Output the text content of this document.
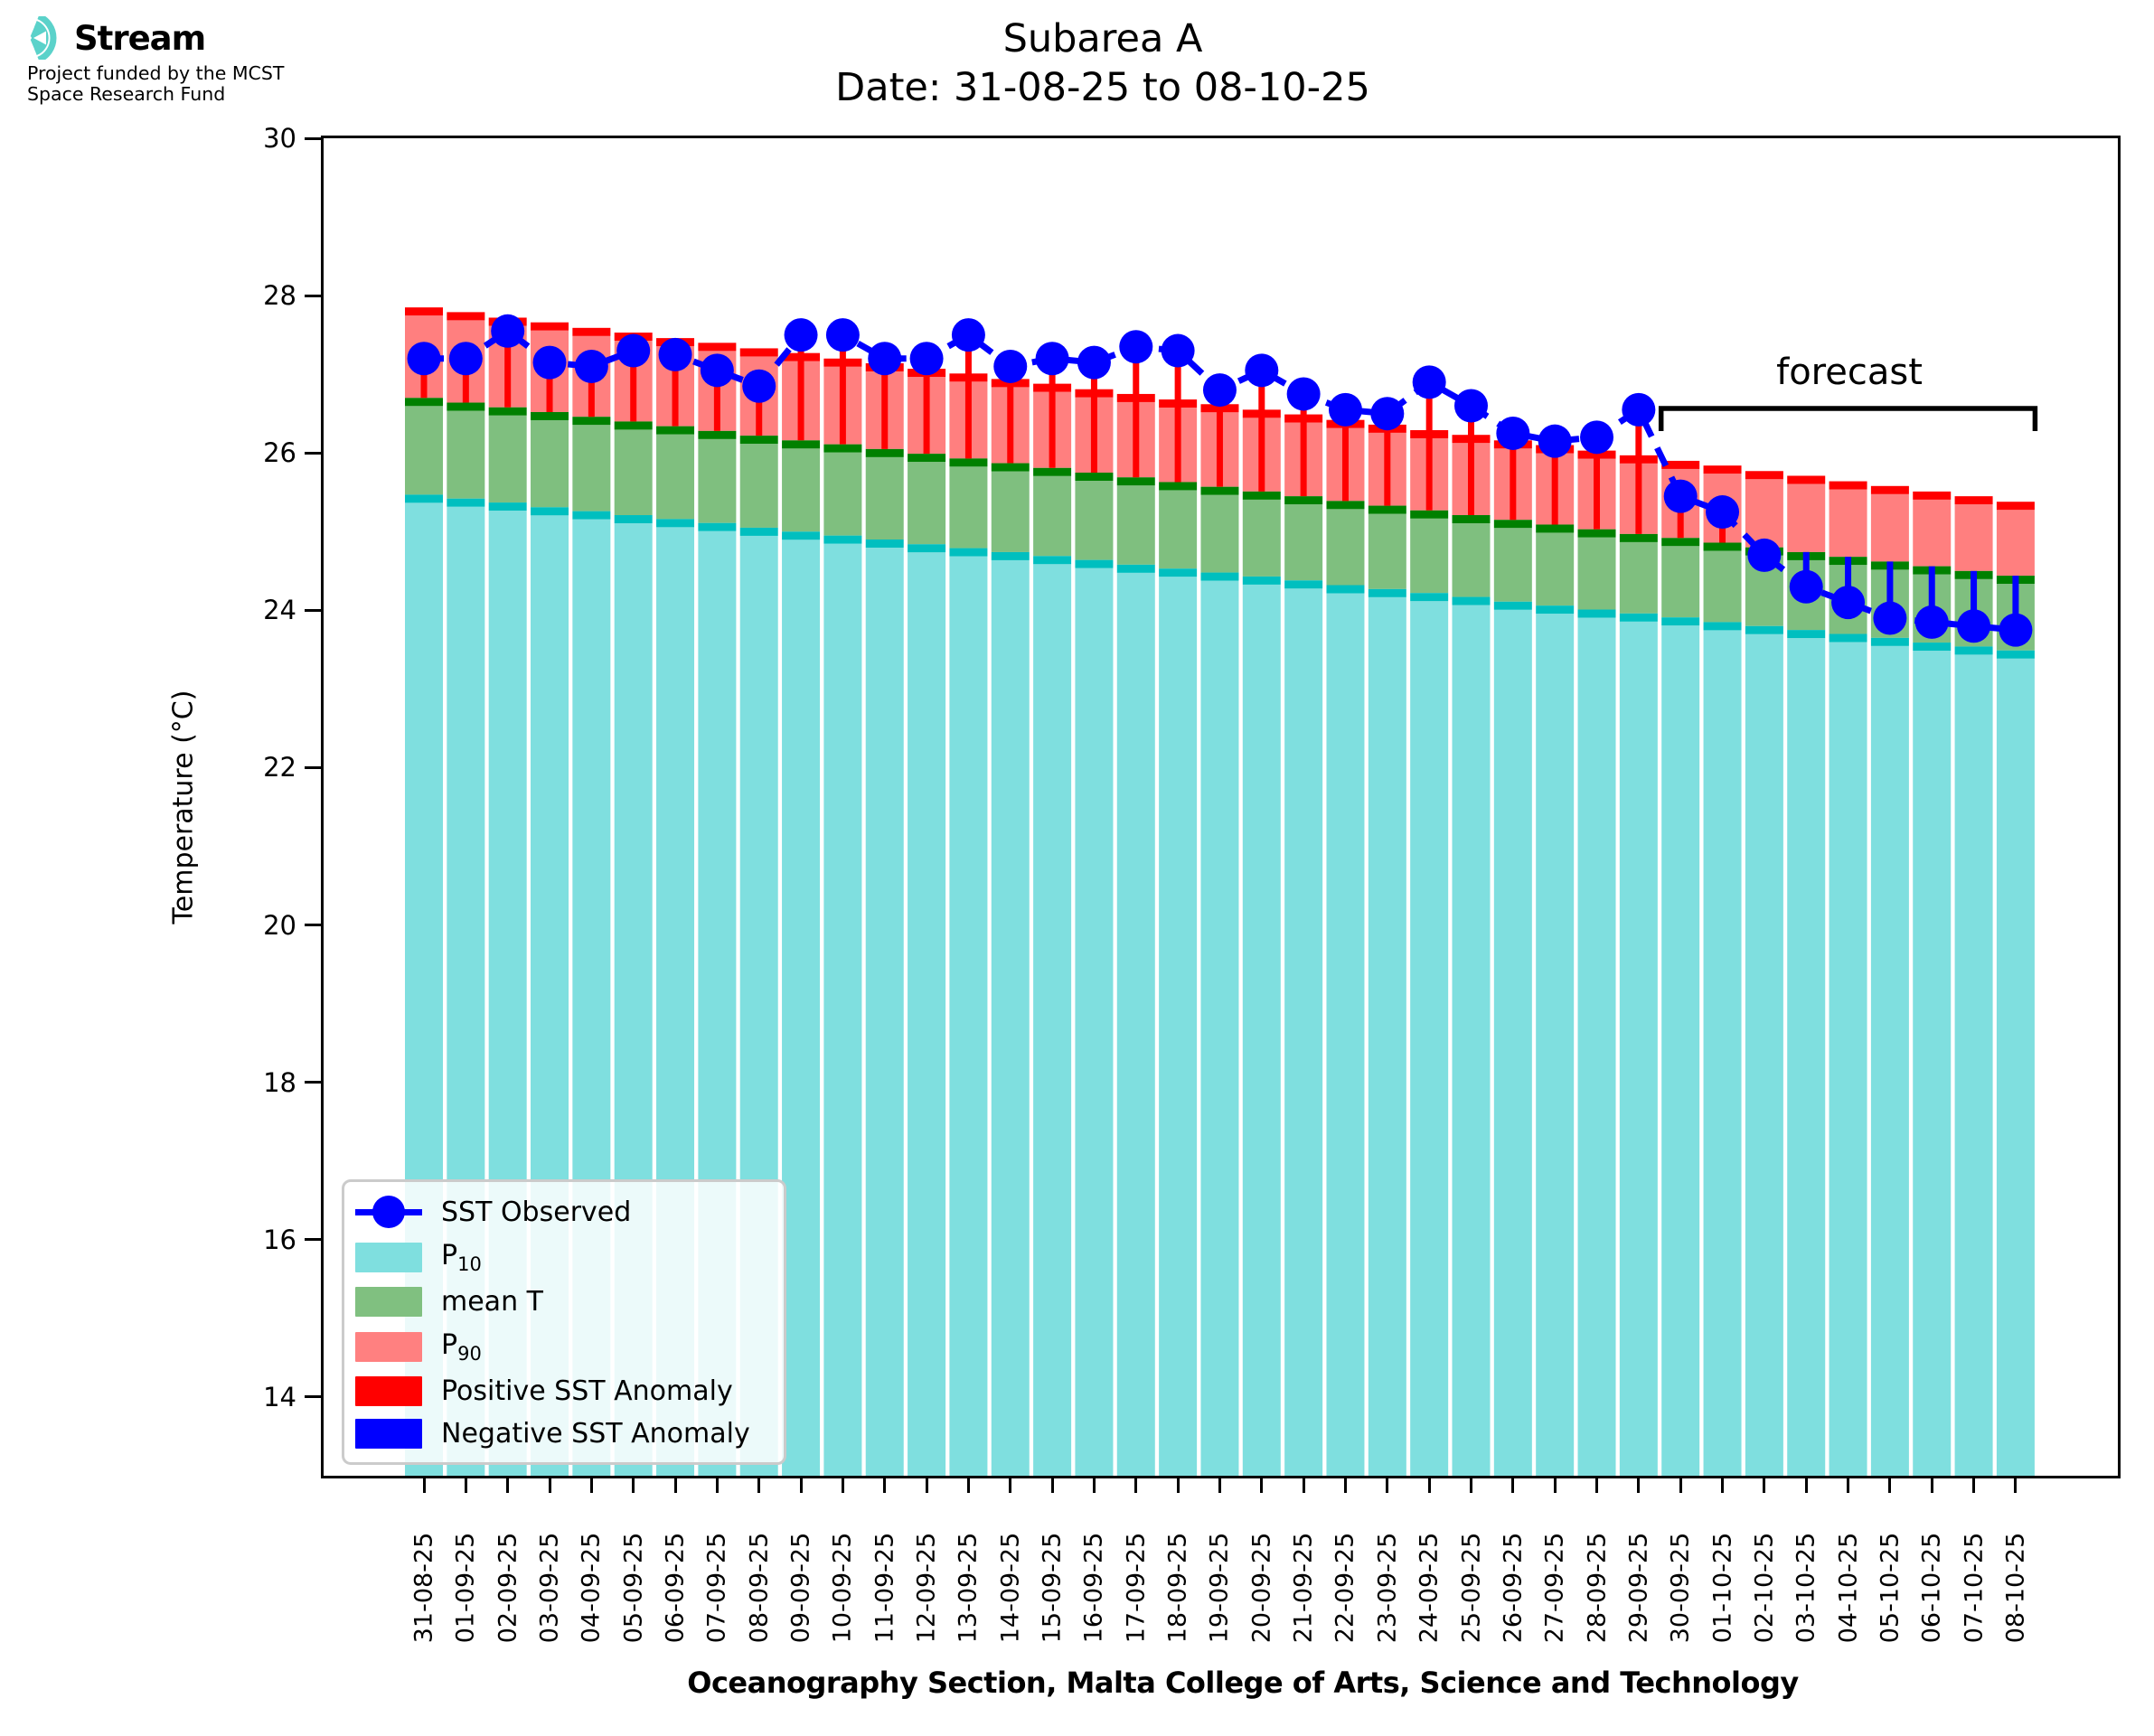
Stream
Project funded by the MCST
Space Research Fund
Subarea A
Date: 31-08-25 to 08-10-25
Temperature (°C)
forecast
30
28
26
24
22
20
18
16
14
31-08-25 01-09-25 02-09-25 03-09-25 04-09-25 05-09-25 06-09-25 07-09-25 08-09-25 09-09-25 10-09-25 11-09-25 12-09-25 13-09-25 14-09-25 15-09-25 16-09-25 17-09-25 18-09-25 19-09-25 20-09-25 21-09-25 22-09-25 23-09-25 24-09-25 25-09-25 26-09-25 27-09-25 28-09-25 29-09-25 30-09-25 01-10-25 02-10-25 03-10-25 04-10-25 05-10-25 06-10-25 07-10-25 08-10-25
SST Observed
$P_{10}$
mean T
$P_{90}$
Positive SST Anomaly
Negative SST Anomaly
Oceanography Section, Malta College of Arts, Science and Technology
